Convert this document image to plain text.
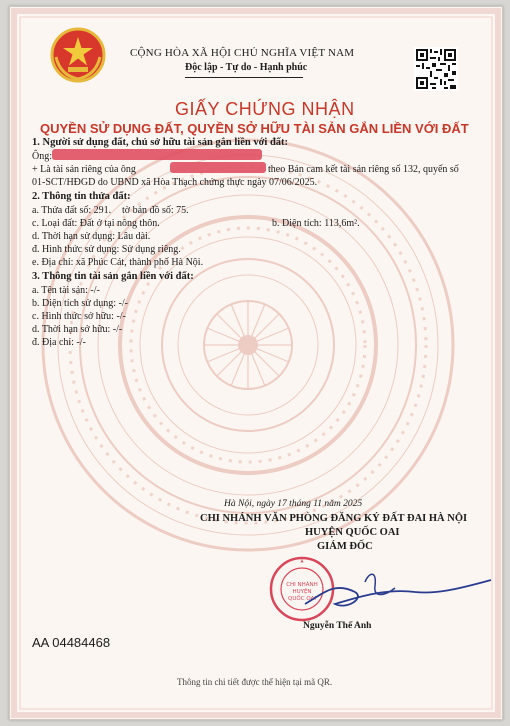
CỘNG HÒA XÃ HỘI CHỦ NGHĨA VIỆT NAM
Độc lập - Tự do - Hạnh phúc
GIẤY CHỨNG NHẬN
QUYỀN SỬ DỤNG ĐẤT, QUYỀN SỞ HỮU TÀI SẢN GẮN LIỀN VỚI ĐẤT
1. Người sử dụng đất, chủ sở hữu tài sản gắn liền với đất:
Ông:
+ Là tài sản riêng của ông	theo Bản cam kết tài sản riêng số 132, quyển số
01-SCT/HĐGD do UBND xã Hòa Thạch chứng thực ngày 07/06/2025.
2. Thông tin thửa đất:
a. Thửa đất số: 291. tờ bản đồ số: 75.
b. Diện tích: 113,6m².
c. Loại đất: Đất ở tại nông thôn.
d. Thời hạn sử dụng: Lâu dài.
đ. Hình thức sử dụng: Sử dụng riêng.
e. Địa chỉ: xã Phúc Cát, thành phố Hà Nội.
3. Thông tin tài sản gắn liền với đất:
a. Tên tài sản: -/-
b. Diện tích sử dụng: -/-
c. Hình thức sở hữu: -/-
d. Thời hạn sở hữu: -/-
đ. Địa chỉ: -/-
Hà Nội, ngày 17 tháng 11 năm 2025
CHI NHÁNH VĂN PHÒNG ĐĂNG KÝ ĐẤT ĐAI HÀ NỘI
HUYỆN QUỐC OAI
GIÁM ĐỐC
CHI NHÁNH
HUYỆN
QUỐC OAI
Nguyễn Thế Anh
AA 04484468
Thông tin chi tiết được thể hiện tại mã QR.
